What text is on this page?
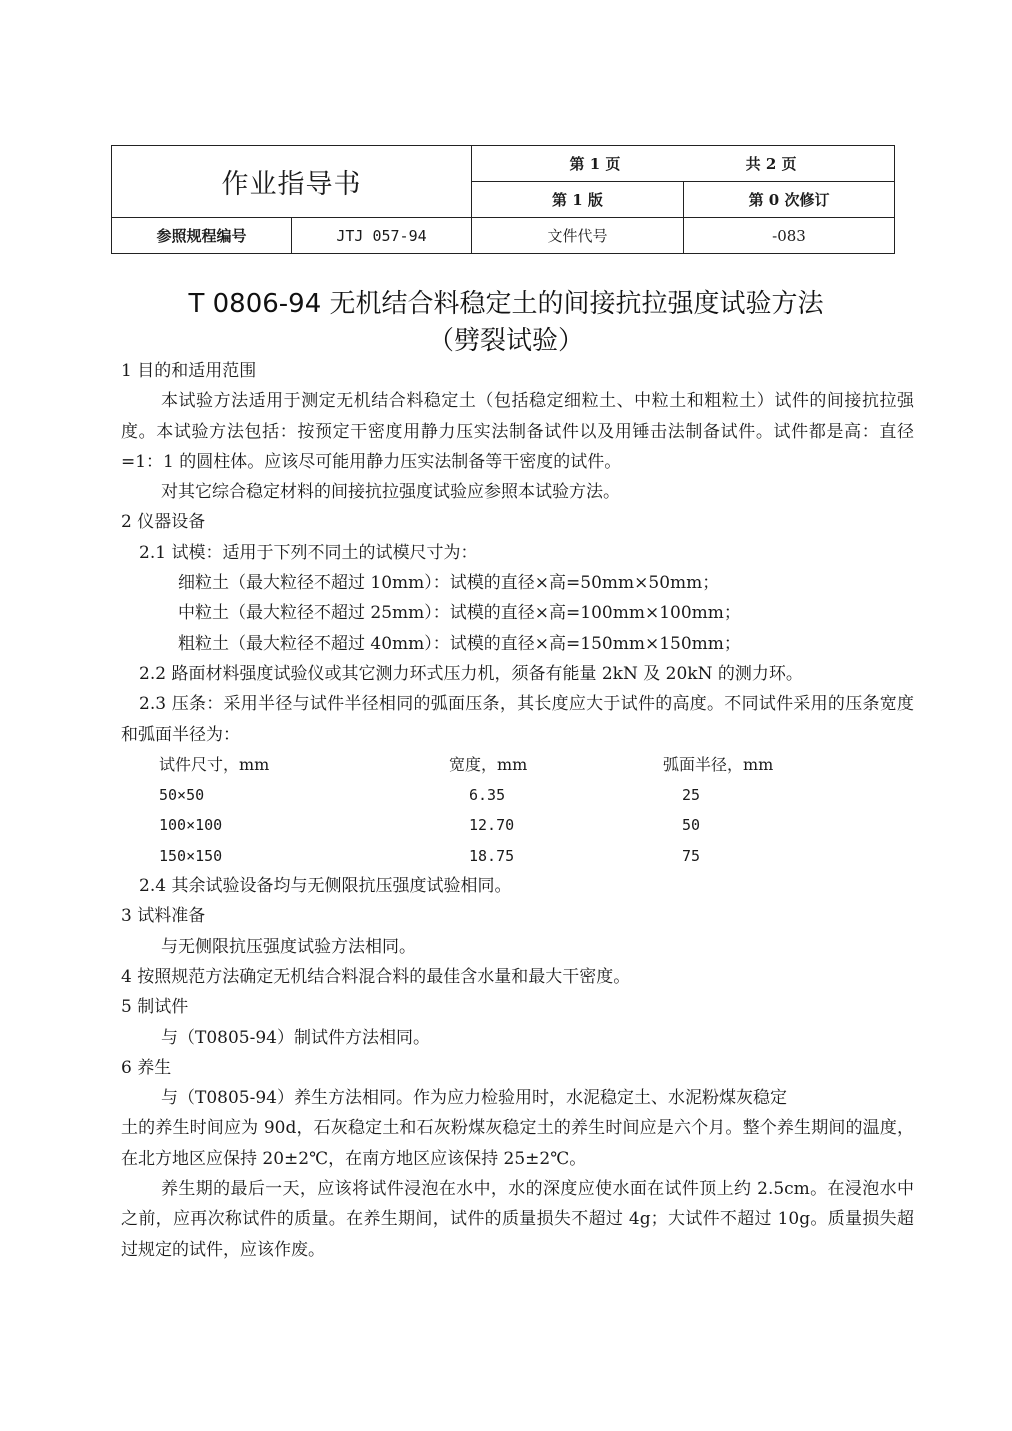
作业指导书		第 1 页 共 2 页	
		第 1 版	第 0 次修订
参照规程编号	JTJ 057-94	文件代号	-083
T 0806-94 无机结合料稳定土的间接抗拉强度试验方法
（劈裂试验）

1 目的和适用范围

本试验方法适用于测定无机结合料稳定土（包括稳定细粒土、中粒土和粗粒土）试件的间接抗拉强度。本试验方法包括：按预定干密度用静力压实法制备试件以及用锤击法制备试件。试件都是高：直径=1：1 的圆柱体。应该尽可能用静力压实法制备等干密度的试件。

对其它综合稳定材料的间接抗拉强度试验应参照本试验方法。

2 仪器设备

2.1 试模：适用于下列不同土的试模尺寸为：

细粒土（最大粒径不超过 10mm）：试模的直径×高=50mm×50mm；

中粒土（最大粒径不超过 25mm）：试模的直径×高=100mm×100mm；

粗粒土（最大粒径不超过 40mm）：试模的直径×高=150mm×150mm；

2.2 路面材料强度试验仪或其它测力环式压力机，须备有能量 2kN 及 20kN 的测力环。

2.3 压条：采用半径与试件半径相同的弧面压条，其长度应大于试件的高度。不同试件采用的压条宽度和弧面半径为：

试件尺寸，mm	宽度，mm	弧面半径，mm
50×50	6.35	25
100×100	12.70	50
150×150	18.75	75

2.4 其余试验设备均与无侧限抗压强度试验相同。

3 试料准备

与无侧限抗压强度试验方法相同。

4 按照规范方法确定无机结合料混合料的最佳含水量和最大干密度。

5 制试件

与（T0805-94）制试件方法相同。

6 养生

与（T0805-94）养生方法相同。作为应力检验用时，水泥稳定土、水泥粉煤灰稳定

土的养生时间应为 90d，石灰稳定土和石灰粉煤灰稳定土的养生时间应是六个月。整个养生期间的温度，在北方地区应保持 20±2℃，在南方地区应该保持 25±2℃。

养生期的最后一天，应该将试件浸泡在水中，水的深度应使水面在试件顶上约 2.5cm。在浸泡水中之前，应再次称试件的质量。在养生期间，试件的质量损失不超过 4g；大试件不超过 10g。质量损失超过规定的试件，应该作废。
